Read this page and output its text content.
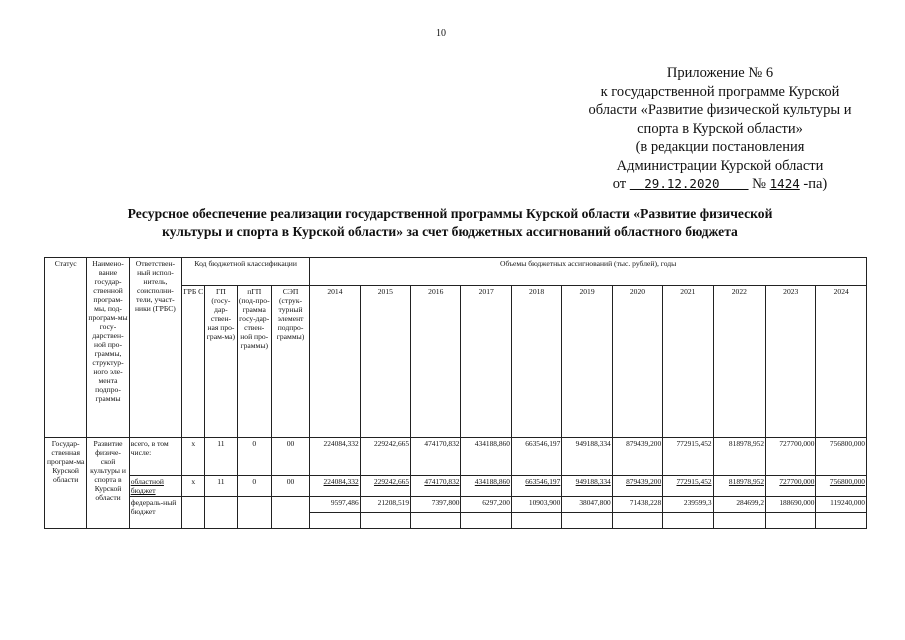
10
Приложение № 6
к государственной программе Курской
области «Развитие физической культуры и
спорта в Курской области»
(в редакции постановления
Администрации Курской области
от 29.12.2020 № 1424 -па)
Ресурсное обеспечение реализации государственной программы Курской области «Развитие физической
культуры и спорта в Курской области» за счет бюджетных ассигнований областного бюджета
Статус	Наимено-вание государ-ственной програм-мы, под-програм-мы госу-дарствен-ной про-граммы, структур-ного эле-мента подпро-граммы	Ответствен-ный испол-нитель, соисполни-тели, участ-ники (ГРБС)	Код бюджетной классификации				Объемы бюджетных ассигнований (тыс. рублей), годы										
			ГРБ С	ГП (госу-дар-ствен-ная про-грам-ма)	пГП (под-про-грамма госу-дар-ствен-ной про-граммы)	СЭП (струк-турный элемент подпро-граммы)	2014	2015	2016	2017	2018	2019	2020	2021	2022	2023	2024
Государ-ственная програм-ма Курской области	Развитие физиче-ской культуры и спорта в Курской области	всего, в том числе:	х	11	0	00	224084,332	229242,665	474170,832	434188,860	663546,197	949188,334	879439,200	772915,452	818978,952	727700,000	756800,000
		областной бюджет	х	11	0	00	224084,332	229242,665	474170,832	434188,860	663546,197	949188,334	879439,200	772915,452	818978,952	727700,000	756800,000
		федераль-ный бюджет					9597,486	21208,519	7397,800	6297,200	10903,900	38047,800	71438,228	239599,3	284699,2	188690,000	119240,000
